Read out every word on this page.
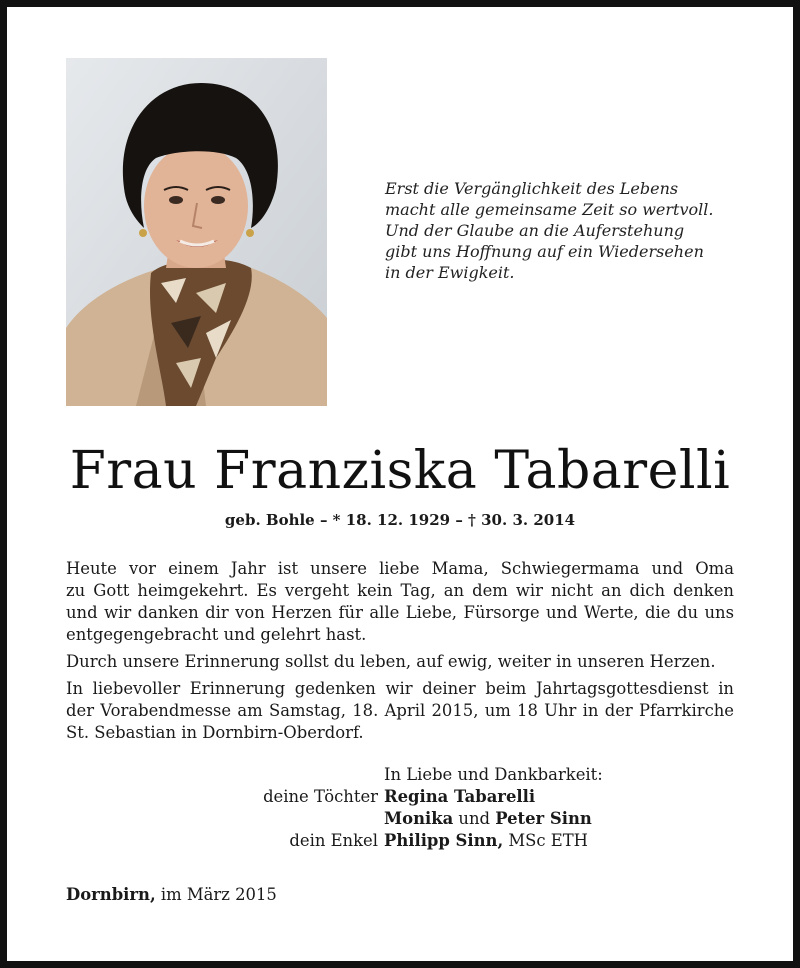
Erst die Vergänglichkeit des Lebens
macht alle gemeinsame Zeit so wertvoll.
Und der Glaube an die Auferstehung
gibt uns Hoffnung auf ein Wiedersehen
in der Ewigkeit.
Frau Franziska Tabarelli
geb. Bohle – * 18. 12. 1929 – † 30. 3. 2014
Heute vor einem Jahr ist unsere liebe Mama, Schwiegermama und Oma
zu Gott heimgekehrt. Es vergeht kein Tag, an dem wir nicht an dich denken
und wir danken dir von Herzen für alle Liebe, Fürsorge und Werte, die du uns
entgegengebracht und gelehrt hast.
Durch unsere Erinnerung sollst du leben, auf ewig, weiter in unseren Herzen.
In liebevoller Erinnerung gedenken wir deiner beim Jahrtagsgottesdienst in
der Vorabendmesse am Samstag, 18. April 2015, um 18 Uhr in der Pfarrkirche
St. Sebastian in Dornbirn-Oberdorf.
In Liebe und Dankbarkeit:
deine Töchter Regina Tabarelli
Monika und Peter Sinn
dein Enkel Philipp Sinn, MSc ETH
Dornbirn, im März 2015
